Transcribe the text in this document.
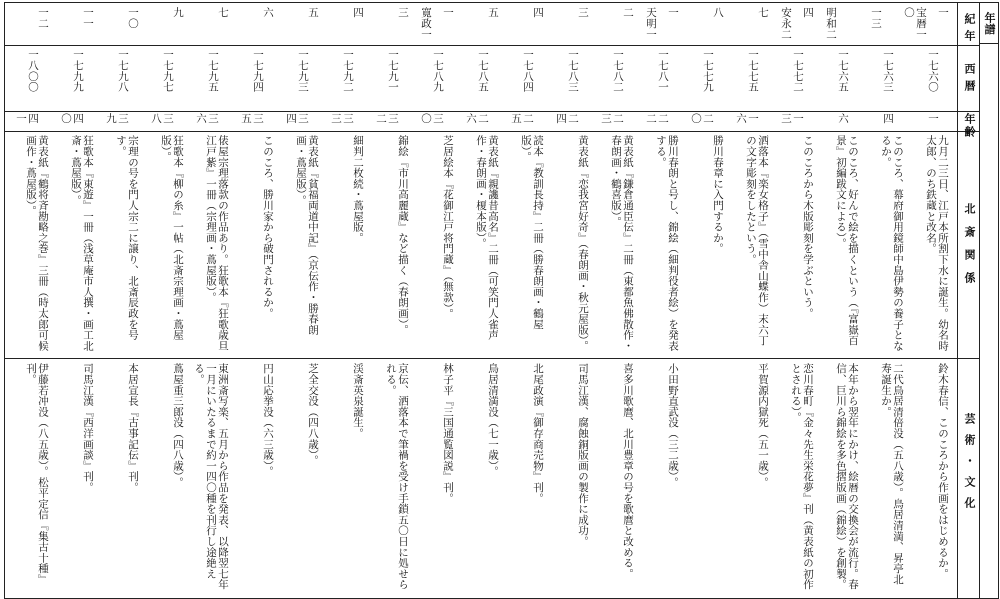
年譜
紀年
西暦
年齢
北斎関係
芸術・文化
宝暦一〇	一
一七六〇
一
九月二三日、江戸本所割下水に誕生。幼名時太郎、のち鉄蔵と改名。
鈴木春信、このころから作画をはじめるか。
一三
一七六三
四
このころ、幕府御用鏡師中島伊勢の養子となるか。
二代鳥居清倍没（五八歳）。鳥居清満、昇亭北寿誕生か。
明和二
一七六五
六
このころ、好んで絵を描くという（『富嶽百景』初編跋文による）。
本年から翌年にかけ、絵暦の交換会が流行。春信、巨川ら錦絵を多色摺版画（錦絵）を創製。
安永二 四
一七七二
一三
このころから木版彫刻を学ぶという。
恋川春町『金々先生栄花夢』刊（黄表紙の初作とされる）。
七
一七七五
一六
洒落本『楽女格子』（雪中舎山蝶作）末六丁の文字彫刻をしたという。
平賀源内獄死（五一歳）。
八
一七七九
二〇
勝川春章に入門するか。
天明一 一
一七八一
二二
勝川春朗と号し、錦絵（細判役者絵）を発表する。
小田野直武没（三二歳）。
二
一七八二
二三
黄表紙『鎌倉通臣伝』二冊（東都魚佛散作・春朗画・鶴喜版）。
喜多川歌麿、北川豊章の号を歌麿と改める。
三
一七八三
二四
黄表紙『恋我宮好奇』（春朗画・秋元屋版）。
司馬江漢、腐蝕銅版画の製作に成功。
四
一七八四
二五
読本『教訓長持』二冊（勝春朗画・鶴屋版）。
北尾政演『御存商売物』刊。
五
一七八五
二六
黄表紙『親讒昔高名』二冊（可笑門人雀声作・春朗画・榎本版）。
鳥居清満没（七一歳）。
寛政一 一
一七八九
三〇
芝居絵本『花御江戸将門蔵』（無款）。
林子平『三国通覧図説』刊。
三
一七九一
三二
錦絵『市川高麗蔵』など描く（春朗画）。
京伝、洒落本で筆禍を受け手鎖五〇日に処せられる。
四
一七九二
三三
細判二枚続・蔦屋版。
渓斎英泉誕生。
五
一七九三
三四
黄表紙『貧福両道中記』（京伝作・勝春朗画・蔦屋版）。
芝全交没（四八歳）。
六
一七九四
三五
このころ、勝川家から破門されるか。
円山応挙没（六三歳）。
七
一七九五
三六
俵屋宗理落款の作品あり。狂歌本『狂歌歳旦江戸紫』一冊（宗理画・蔦屋版）。
東洲斎写楽、五月から作品を発表、以降翌七年一月にいたるまで約一四〇種を刊行し途絶える。
九
一七九七
三八
狂歌本『柳の糸』一帖（北斎宗理画・蔦屋版）。
蔦屋重三郎没（四八歳）。
一〇
一七九八
三九
宗理の号を門人宗二に譲り、北斎辰政を号す。
本居宣長『古事記伝』刊。
一一
一七九九
四〇
狂歌本『東遊』一冊（浅草庵市人撰・画工北斎・蔦屋版）。
司馬江漢『西洋画談』刊。
一二
一八〇〇
四一
黄表紙『鶴将斉勘略之巻』三冊（時太郎可候画作・蔦屋版）。
伊藤若冲没（八五歳）。松平定信『集古十種』刊。
